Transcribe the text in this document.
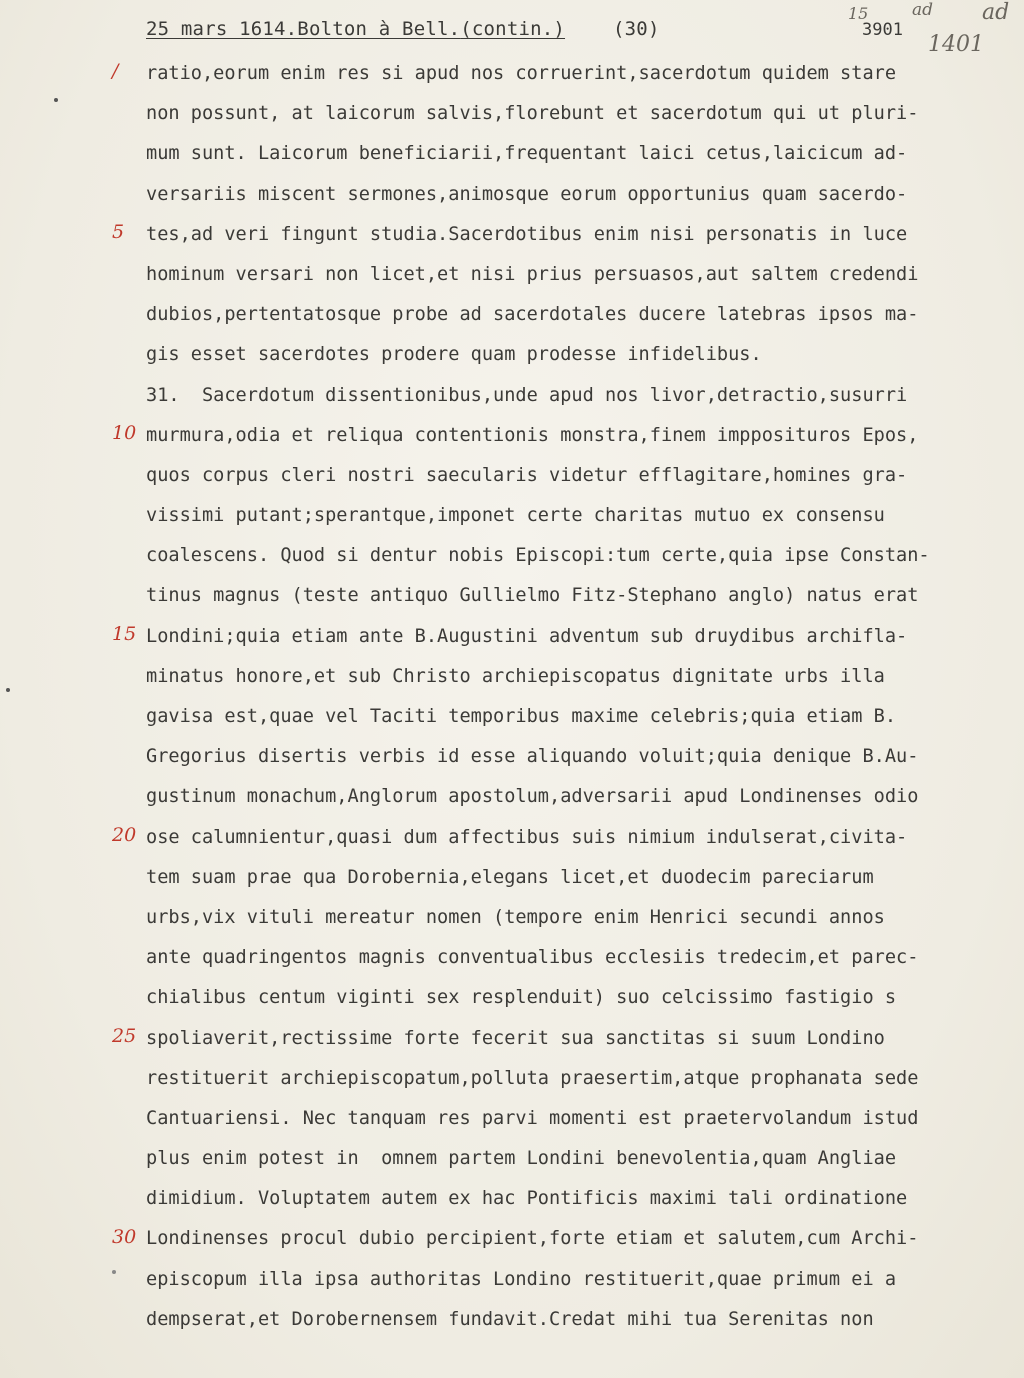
25 mars 1614.Bolton à Bell.(contin.)	(30)	3901
15	ad ad
1401
/
5
10
15
20
25
30
ratio,eorum enim res si apud nos corruerint,sacerdotum quidem stare
non possunt, at laicorum salvis,florebunt et sacerdotum qui ut pluri-
mum sunt. Laicorum beneficiarii,frequentant laici cetus,laicicum ad-
versariis miscent sermones,animosque eorum opportunius quam sacerdo-
tes,ad veri fingunt studia.Sacerdotibus enim nisi personatis in luce
hominum versari non licet,et nisi prius persuasos,aut saltem credendi
dubios,pertentatosque probe ad sacerdotales ducere latebras ipsos ma-
gis esset sacerdotes prodere quam prodesse infidelibus.
31.  Sacerdotum dissentionibus,unde apud nos livor,detractio,susurri
murmura,odia et reliqua contentionis monstra,finem impposituros Epos,
quos corpus cleri nostri saecularis videtur efflagitare,homines gra-
vissimi putant;sperantque,imponet certe charitas mutuo ex consensu
coalescens. Quod si dentur nobis Episcopi:tum certe,quia ipse Constan-
tinus magnus (teste antiquo Gullielmo Fitz-Stephano anglo) natus erat
Londini;quia etiam ante B.Augustini adventum sub druydibus archifla-
minatus honore,et sub Christo archiepiscopatus dignitate urbs illa
gavisa est,quae vel Taciti temporibus maxime celebris;quia etiam B.
Gregorius disertis verbis id esse aliquando voluit;quia denique B.Au-
gustinum monachum,Anglorum apostolum,adversarii apud Londinenses odio
ose calumnientur,quasi dum affectibus suis nimium indulserat,civita-
tem suam prae qua Dorobernia,elegans licet,et duodecim pareciarum
urbs,vix vituli mereatur nomen (tempore enim Henrici secundi annos
ante quadringentos magnis conventualibus ecclesiis tredecim,et parec-
chialibus centum viginti sex resplenduit) suo celcissimo fastigio s
spoliaverit,rectissime forte fecerit sua sanctitas si suum Londino
restituerit archiepiscopatum,polluta praesertim,atque prophanata sede
Cantuariensi. Nec tanquam res parvi momenti est praetervolandum istud
plus enim potest in  omnem partem Londini benevolentia,quam Angliae
dimidium. Voluptatem autem ex hac Pontificis maximi tali ordinatione
Londinenses procul dubio percipient,forte etiam et salutem,cum Archi-
episcopum illa ipsa authoritas Londino restituerit,quae primum ei a
dempserat,et Dorobernensem fundavit.Credat mihi tua Serenitas non
